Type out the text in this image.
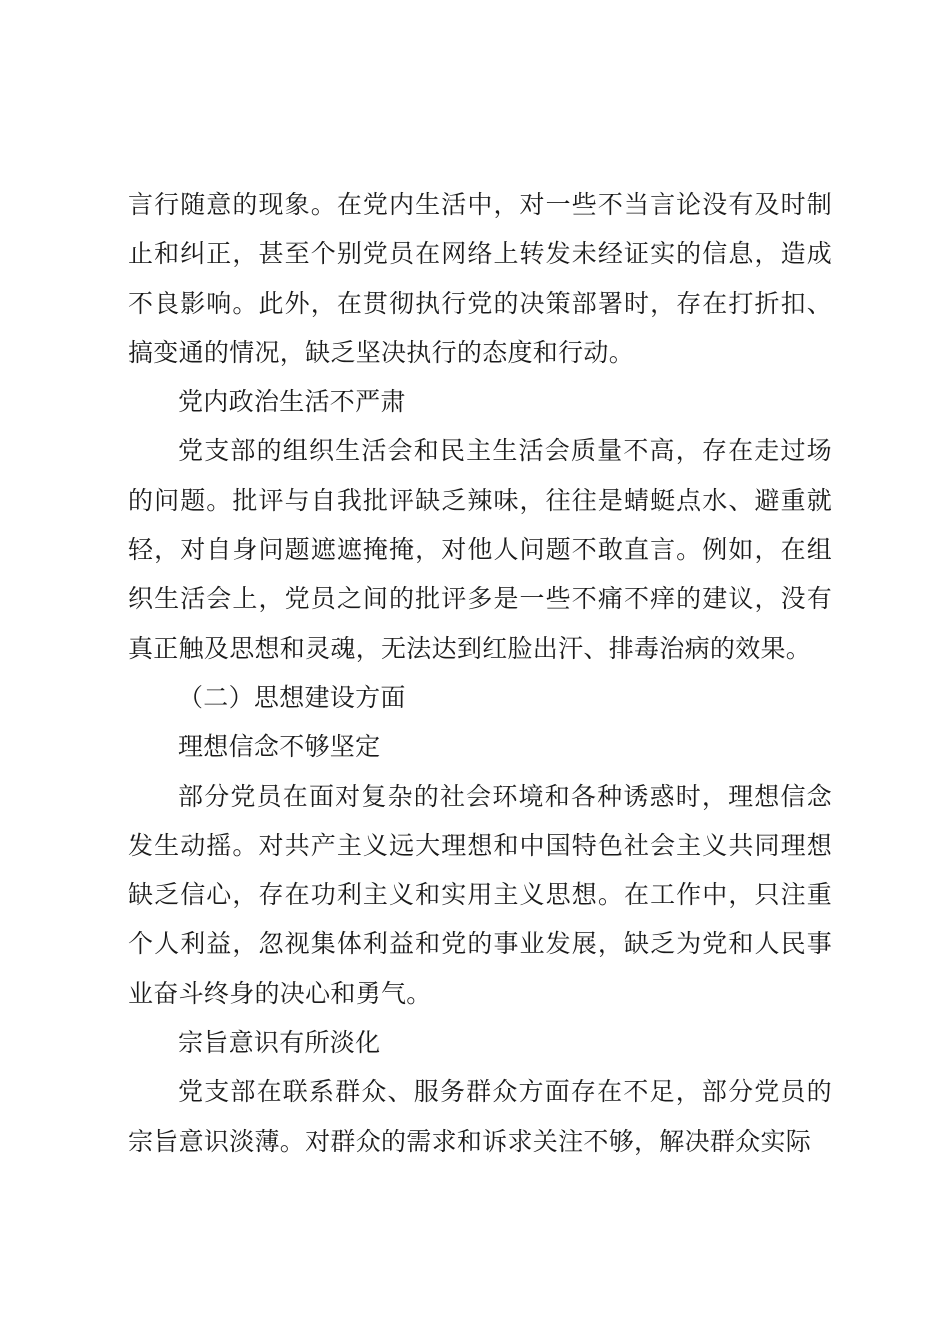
言行随意的现象。在党内生活中，对一些不当言论没有及时制止和纠正，甚至个别党员在网络上转发未经证实的信息，造成不良影响。此外，在贯彻执行党的决策部署时，存在打折扣、搞变通的情况，缺乏坚决执行的态度和行动。

党内政治生活不严肃

党支部的组织生活会和民主生活会质量不高，存在走过场的问题。批评与自我批评缺乏辣味，往往是蜻蜓点水、避重就轻，对自身问题遮遮掩掩，对他人问题不敢直言。例如，在组织生活会上，党员之间的批评多是一些不痛不痒的建议，没有真正触及思想和灵魂，无法达到红脸出汗、排毒治病的效果。

（二）思想建设方面

理想信念不够坚定

部分党员在面对复杂的社会环境和各种诱惑时，理想信念发生动摇。对共产主义远大理想和中国特色社会主义共同理想缺乏信心，存在功利主义和实用主义思想。在工作中，只注重个人利益，忽视集体利益和党的事业发展，缺乏为党和人民事业奋斗终身的决心和勇气。

宗旨意识有所淡化

党支部在联系群众、服务群众方面存在不足，部分党员的宗旨意识淡薄。对群众的需求和诉求关注不够，解决群众实际
